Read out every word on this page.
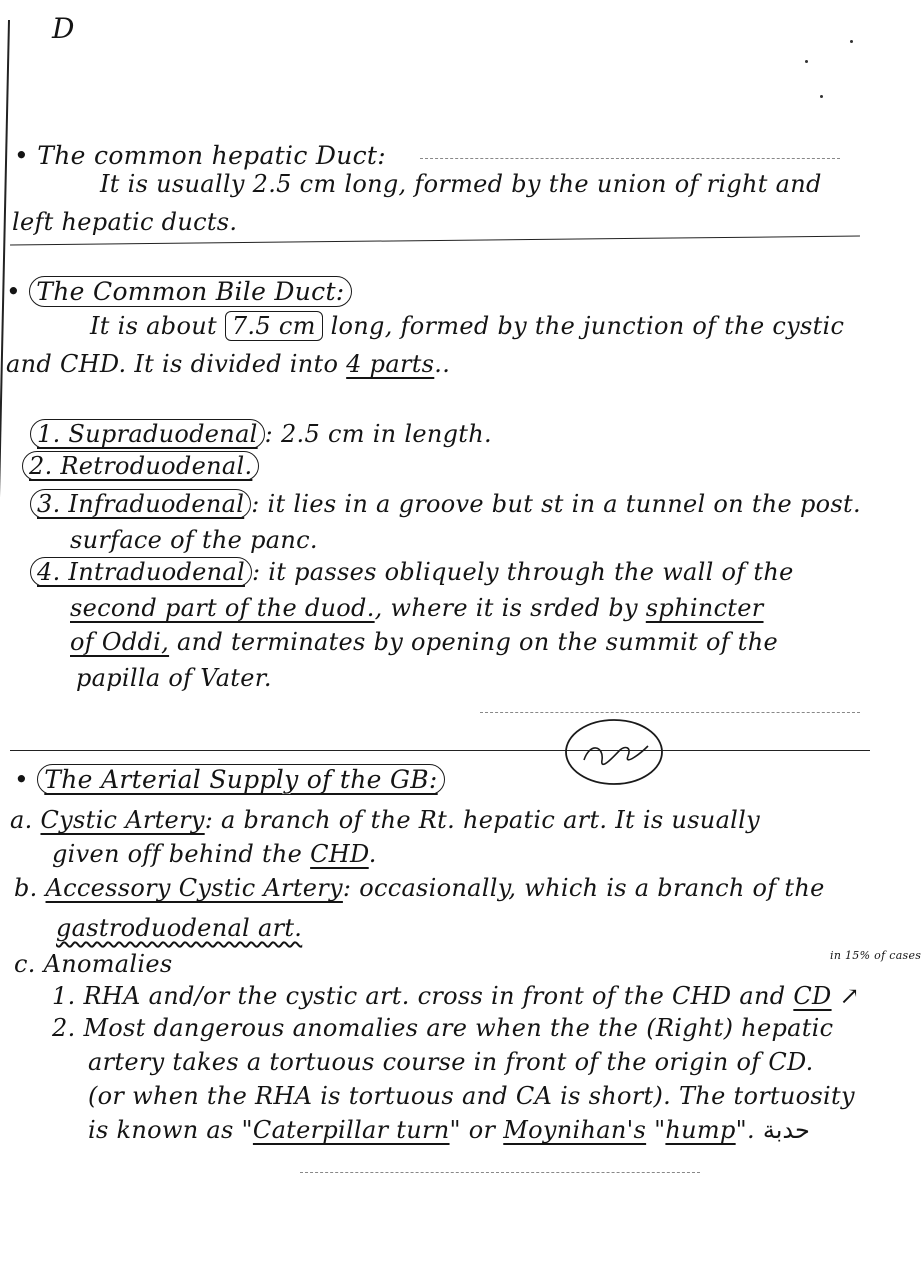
D
• The common hepatic Duct:
It is usually 2.5 cm long, formed by the union of right and
left hepatic ducts.
• The Common Bile Duct:
It is about 7.5 cm long, formed by the junction of the cystic
and CHD. It is divided into 4 parts..
1. Supraduodenal : 2.5 cm in length.
2. Retroduodenal.
3. Infraduodenal : it lies in a groove but st in a tunnel on the post.
surface of the panc.
4. Intraduodenal : it passes obliquely through the wall of the
second part of the duod., where it is srded by sphincter
of Oddi, and terminates by opening on the summit of the
papilla of Vater.
• The Arterial Supply of the GB:
a. Cystic Artery: a branch of the Rt. hepatic art. It is usually
given off behind the CHD.
b. Accessory Cystic Artery: occasionally, which is a branch of the
gastroduodenal art.
c. Anomalies	in 15% of cases
1. RHA and/or the cystic art. cross in front of the CHD and CD ↗
2. Most dangerous anomalies are when the the (Right) hepatic
artery takes a tortuous course in front of the origin of CD.
(or when the RHA is tortuous and CA is short). The tortuosity
is known as "Caterpillar turn" or Moynihan's "hump". حدبة
